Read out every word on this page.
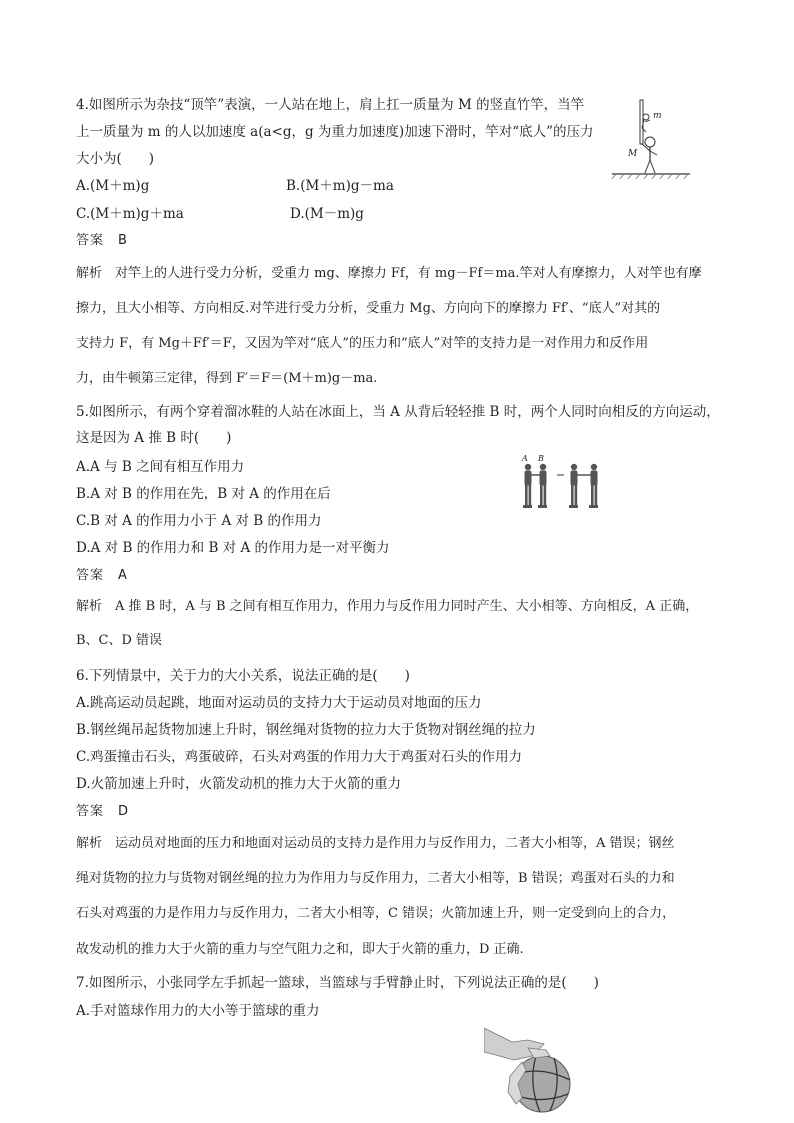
4.如图所示为杂技“顶竿”表演，一人站在地上，肩上扛一质量为 M 的竖直竹竿，当竿
上一质量为 m 的人以加速度 a(a<g，g 为重力加速度)加速下滑时，竿对“底人”的压力
大小为(　　)
A.(M＋m)g	B.(M＋m)g－ma
C.(M＋m)g＋ma	D.(M－m)g
答案　B
解析　对竿上的人进行受力分析，受重力 mg、摩擦力 Ff，有 mg－Ff＝ma.竿对人有摩擦力，人对竿也有摩
擦力，且大小相等、方向相反.对竿进行受力分析，受重力 Mg、方向向下的摩擦力 Ff′、“底人”对其的
支持力 F，有 Mg＋Ff′＝F，又因为竿对“底人”的压力和“底人”对竿的支持力是一对作用力和反作用
力，由牛顿第三定律，得到 F′＝F＝(M＋m)g－ma.
m
M
5.如图所示，有两个穿着溜冰鞋的人站在冰面上，当 A 从背后轻轻推 B 时，两个人同时向相反的方向运动，
这是因为 A 推 B 时(　　)
A.A 与 B 之间有相互作用力
B.A 对 B 的作用在先，B 对 A 的作用在后
C.B 对 A 的作用力小于 A 对 B 的作用力
D.A 对 B 的作用力和 B 对 A 的作用力是一对平衡力
答案　A
解析　A 推 B 时，A 与 B 之间有相互作用力，作用力与反作用力同时产生、大小相等、方向相反，A 正确，
B、C、D 错误
A B
6.下列情景中，关于力的大小关系，说法正确的是(　　)
A.跳高运动员起跳，地面对运动员的支持力大于运动员对地面的压力
B.钢丝绳吊起货物加速上升时，钢丝绳对货物的拉力大于货物对钢丝绳的拉力
C.鸡蛋撞击石头，鸡蛋破碎，石头对鸡蛋的作用力大于鸡蛋对石头的作用力
D.火箭加速上升时，火箭发动机的推力大于火箭的重力
答案　D
解析　运动员对地面的压力和地面对运动员的支持力是作用力与反作用力，二者大小相等，A 错误；钢丝
绳对货物的拉力与货物对钢丝绳的拉力为作用力与反作用力，二者大小相等，B 错误；鸡蛋对石头的力和
石头对鸡蛋的力是作用力与反作用力，二者大小相等，C 错误；火箭加速上升，则一定受到向上的合力，
故发动机的推力大于火箭的重力与空气阻力之和，即大于火箭的重力，D 正确.
7.如图所示，小张同学左手抓起一篮球，当篮球与手臂静止时，下列说法正确的是(　　)
A.手对篮球作用力的大小等于篮球的重力
